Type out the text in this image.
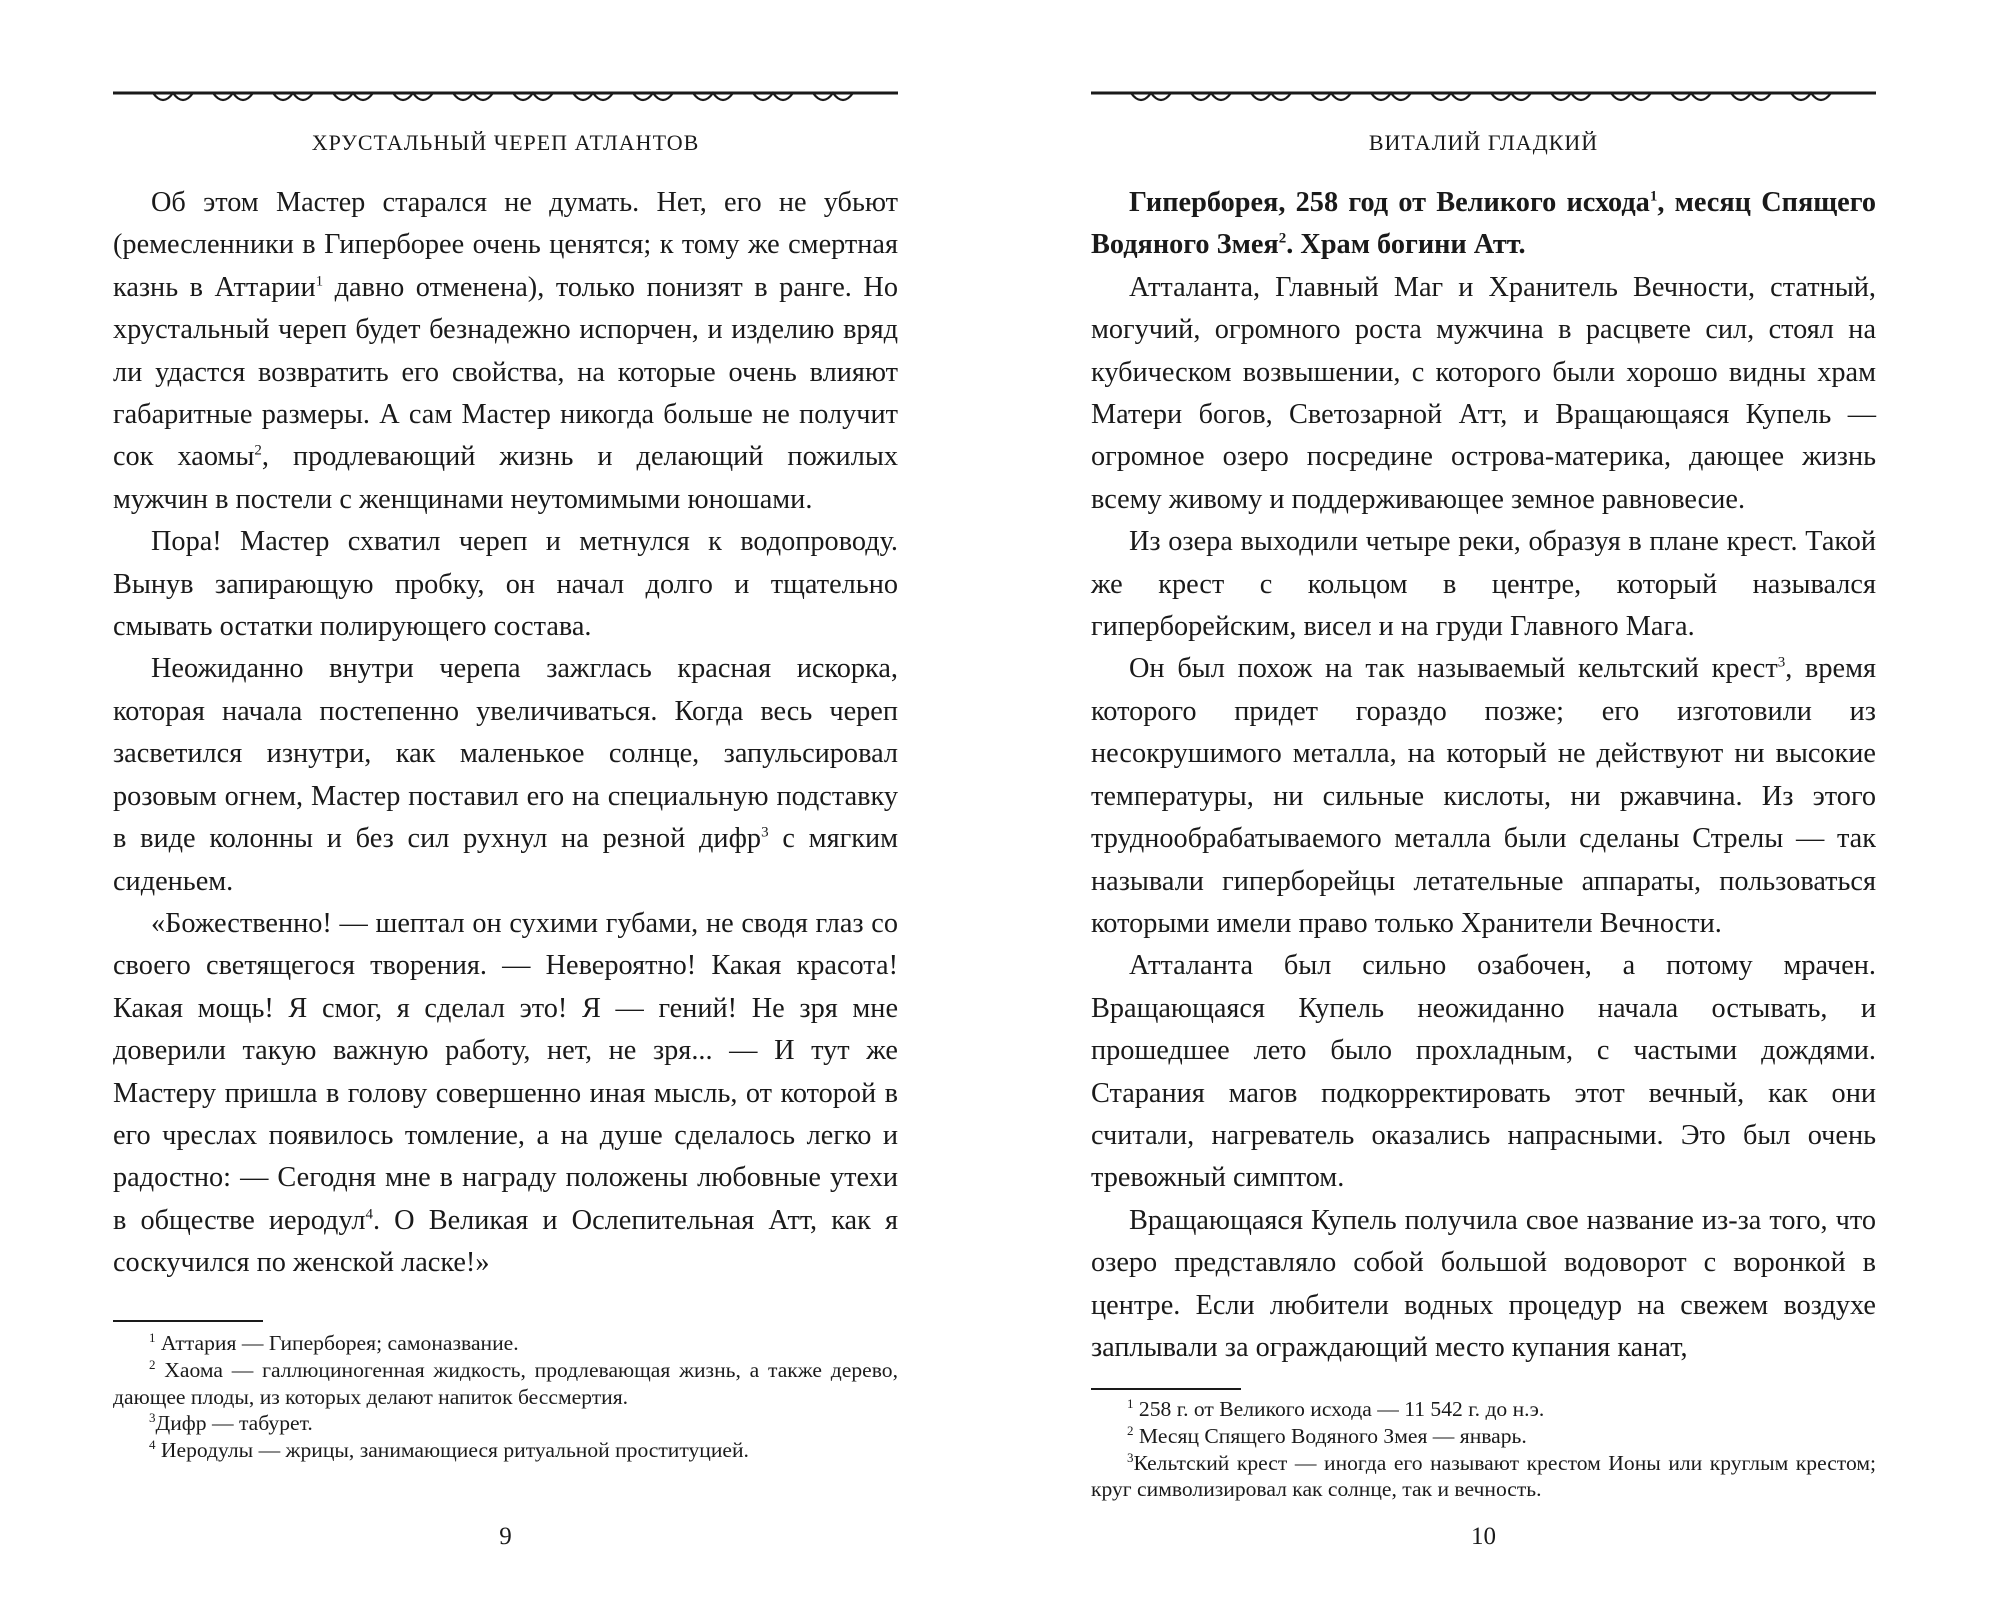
ХРУСТАЛЬНЫЙ ЧЕРЕП АТЛАНТОВ

Об этом Мастер старался не думать. Нет, его не убьют (ремесленники в Гиперборее очень ценятся; к тому же смертная казнь в Аттарии$^1$ давно отменена), только понизят в ранге. Но хрустальный череп будет безнадежно испорчен, и изделию вряд ли удастся возвратить его свойства, на которые очень влияют габаритные размеры. А сам Мастер никогда больше не получит сок хаомы$^2$, продлевающий жизнь и делающий пожилых мужчин в постели с женщинами неутомимыми юношами.

Пора! Мастер схватил череп и метнулся к водопроводу. Вынув запирающую пробку, он начал долго и тщательно смывать остатки полирующего состава.

Неожиданно внутри черепа зажглась красная искорка, которая начала постепенно увеличиваться. Когда весь череп засветился изнутри, как маленькое солнце, запульсировал розовым огнем, Мастер поставил его на специальную подставку в виде колонны и без сил рухнул на резной дифр$^3$ с мягким сиденьем.

«Божественно! — шептал он сухими губами, не сводя глаз со своего светящегося творения. — Невероятно! Какая красота! Какая мощь! Я смог, я сделал это! Я — гений! Не зря мне доверили такую важную работу, нет, не зря... — И тут же Мастеру пришла в голову совершенно иная мысль, от которой в его чреслах появилось томление, а на душе сделалось легко и радостно: — Сегодня мне в награду положены любовные утехи в обществе иеродул$^4$. О Великая и Ослепительная Атт, как я соскучился по женской ласке!»

$^1$ Аттария — Гиперборея; самоназвание.
$^2$ Хаома — галлюциногенная жидкость, продлевающая жизнь, а также дерево, дающее плоды, из которых делают напиток бессмертия.
$^3$Дифр — табурет.
$^4$ Иеродулы — жрицы, занимающиеся ритуальной проституцией.
9
ВИТАЛИЙ ГЛАДКИЙ

Гиперборея, 258 год от Великого исхода$^1$, месяц Спящего Водяного Змея$^2$. Храм богини Атт.

Атталанта, Главный Маг и Хранитель Вечности, статный, могучий, огромного роста мужчина в расцвете сил, стоял на кубическом возвышении, с которого были хорошо видны храм Матери богов, Светозарной Атт, и Вращающаяся Купель — огромное озеро посредине острова-материка, дающее жизнь всему живому и поддерживающее земное равновесие.

Из озера выходили четыре реки, образуя в плане крест. Такой же крест с кольцом в центре, который назывался гиперборейским, висел и на груди Главного Мага.

Он был похож на так называемый кельтский крест$^3$, время которого придет гораздо позже; его изготовили из несокрушимого металла, на который не действуют ни высокие температуры, ни сильные кислоты, ни ржавчина. Из этого труднообрабатываемого металла были сделаны Стрелы — так называли гиперборейцы летательные аппараты, пользоваться которыми имели право только Хранители Вечности.

Атталанта был сильно озабочен, а потому мрачен. Вращающаяся Купель неожиданно начала остывать, и прошедшее лето было прохладным, с частыми дождями. Старания магов подкорректировать этот вечный, как они считали, нагреватель оказались напрасными. Это был очень тревожный симптом.

Вращающаяся Купель получила свое название из-за того, что озеро представляло собой большой водоворот с воронкой в центре. Если любители водных процедур на свежем воздухе заплывали за ограждающий место купания канат,

$^1$ 258 г. от Великого исхода — 11 542 г. до н.э.
$^2$ Месяц Спящего Водяного Змея — январь.
$^3$Кельтский крест — иногда его называют крестом Ионы или круглым крестом; круг символизировал как солнце, так и вечность.
10
